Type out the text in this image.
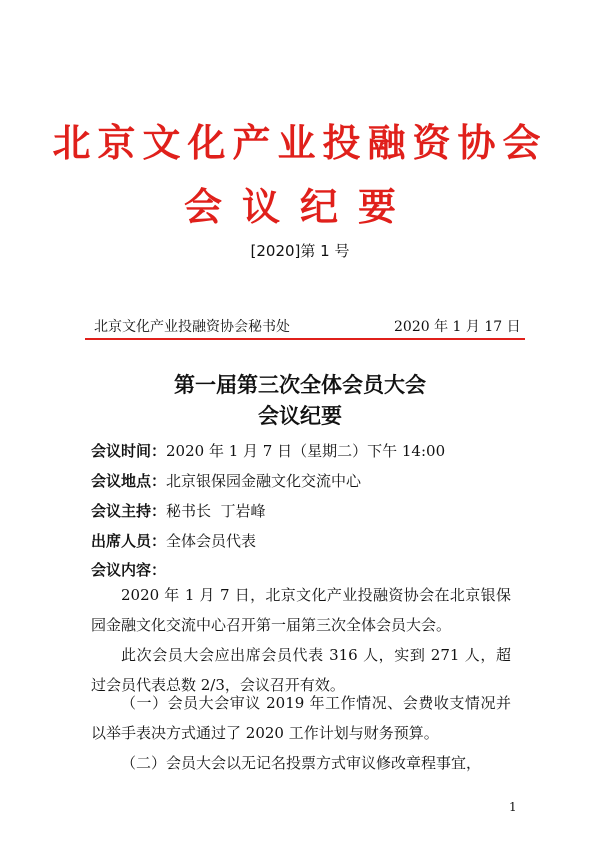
北京文化产业投融资协会
会议纪要
[2020]第 1 号
北京文化产业投融资协会秘书处	2020 年 1 月 17 日
第一届第三次全体会员大会
会议纪要
会议时间：2020 年 1 月 7 日（星期二）下午 14:00
会议地点：北京银保园金融文化交流中心
会议主持：秘书长  丁岩峰
出席人员：全体会员代表
会议内容：
2020 年 1 月 7 日，北京文化产业投融资协会在北京银保园金融文化交流中心召开第一届第三次全体会员大会。
此次会员大会应出席会员代表 316 人，实到 271 人，超过会员代表总数 2/3，会议召开有效。
（一）会员大会审议 2019 年工作情况、会费收支情况并以举手表决方式通过了 2020 工作计划与财务预算。
（二）会员大会以无记名投票方式审议修改章程事宜，
1
